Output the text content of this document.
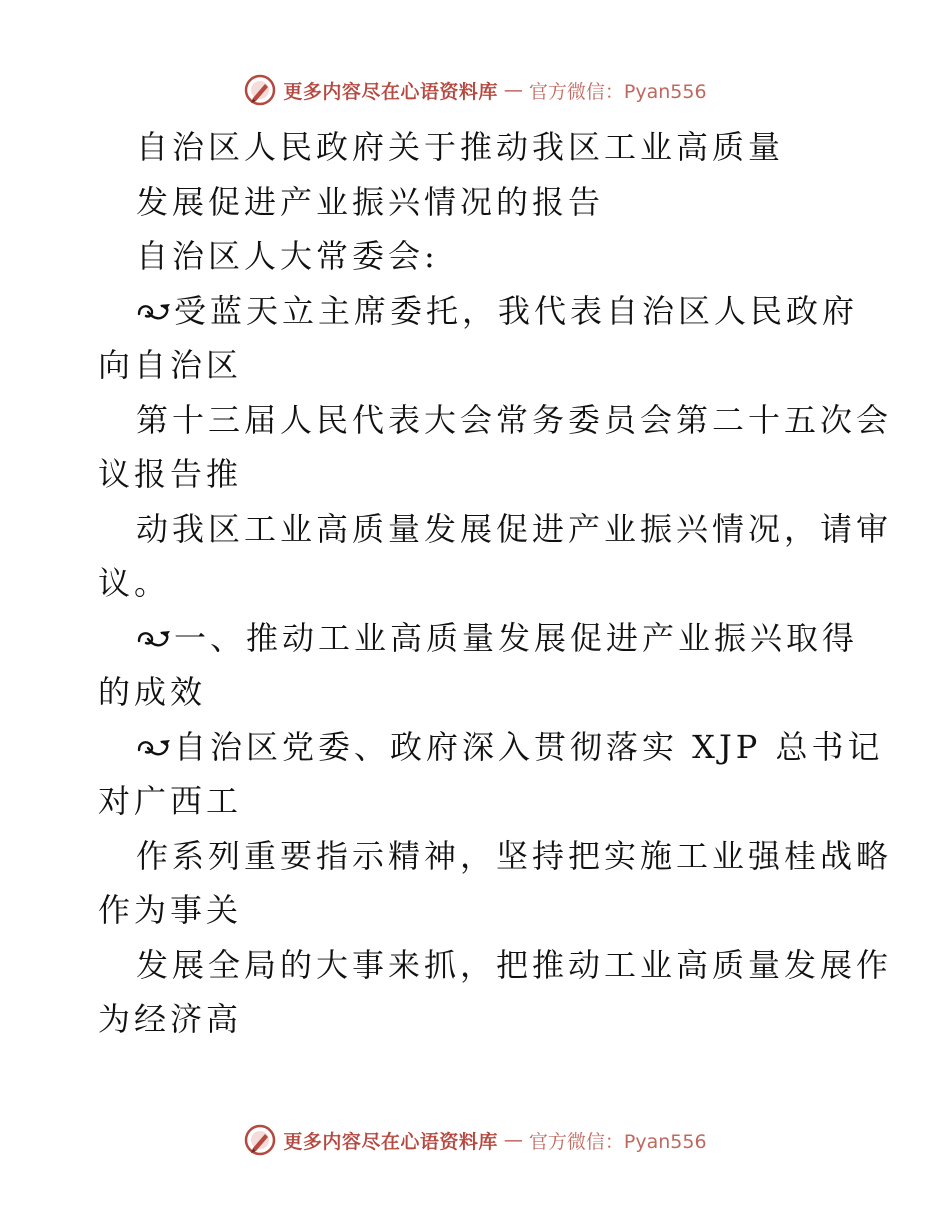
更多内容尽在心语资料库 — 官方微信：Pyan556
自治区人民政府关于推动我区工业高质量
发展促进产业振兴情况的报告
自治区人大常委会:
受蓝天立主席委托，我代表自治区人民政府
向自治区
第十三届人民代表大会常务委员会第二十五次会
议报告推
动我区工业高质量发展促进产业振兴情况，请审
议。
一、推动工业高质量发展促进产业振兴取得
的成效
自治区党委、政府深入贯彻落实 XJP 总书记
对广西工
作系列重要指示精神，坚持把实施工业强桂战略
作为事关
发展全局的大事来抓，把推动工业高质量发展作
为经济高
更多内容尽在心语资料库 — 官方微信：Pyan556
